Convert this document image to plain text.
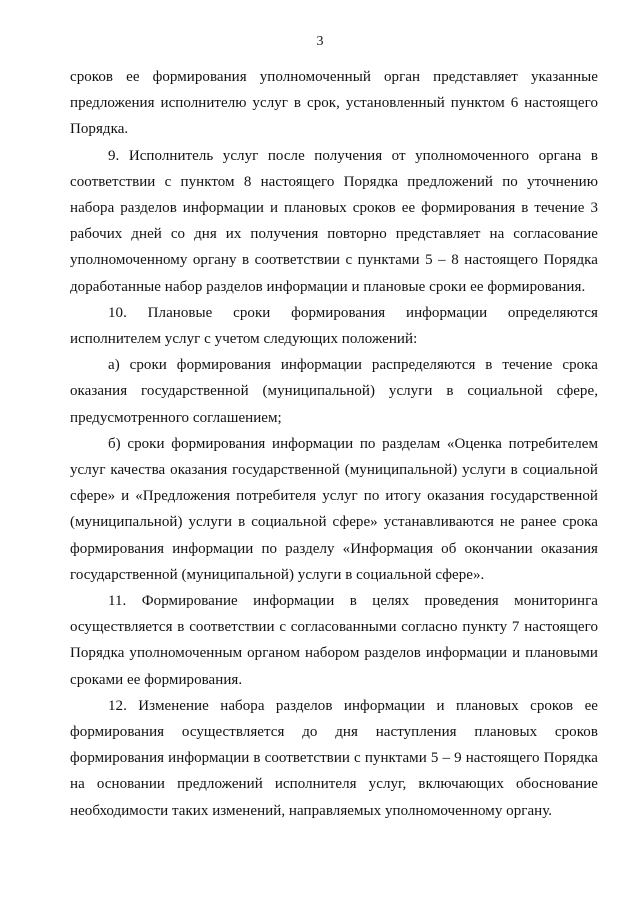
3

сроков ее формирования уполномоченный орган представляет указанные предложения исполнителю услуг в срок, установленный пунктом 6 настоящего Порядка.

9. Исполнитель услуг после получения от уполномоченного органа в соответствии с пунктом 8 настоящего Порядка предложений по уточнению набора разделов информации и плановых сроков ее формирования в течение 3 рабочих дней со дня их получения повторно представляет на согласование уполномоченному органу в соответствии с пунктами 5 – 8 настоящего Порядка доработанные набор разделов информации и плановые сроки ее формирования.

10. Плановые сроки формирования информации определяются исполнителем услуг с учетом следующих положений:

а) сроки формирования информации распределяются в течение срока оказания государственной (муниципальной) услуги в социальной сфере, предусмотренного соглашением;

б) сроки формирования информации по разделам «Оценка потребителем услуг качества оказания государственной (муниципальной) услуги в социальной сфере» и «Предложения потребителя услуг по итогу оказания государственной (муниципальной) услуги в социальной сфере» устанавливаются не ранее срока формирования информации по разделу «Информация об окончании оказания государственной (муниципальной) услуги в социальной сфере».

11. Формирование информации в целях проведения мониторинга осуществляется в соответствии с согласованными согласно пункту 7 настоящего Порядка уполномоченным органом набором разделов информации и плановыми сроками ее формирования.

12. Изменение набора разделов информации и плановых сроков ее формирования осуществляется до дня наступления плановых сроков формирования информации в соответствии с пунктами 5 – 9 настоящего Порядка на основании предложений исполнителя услуг, включающих обоснование необходимости таких изменений, направляемых уполномоченному органу.
